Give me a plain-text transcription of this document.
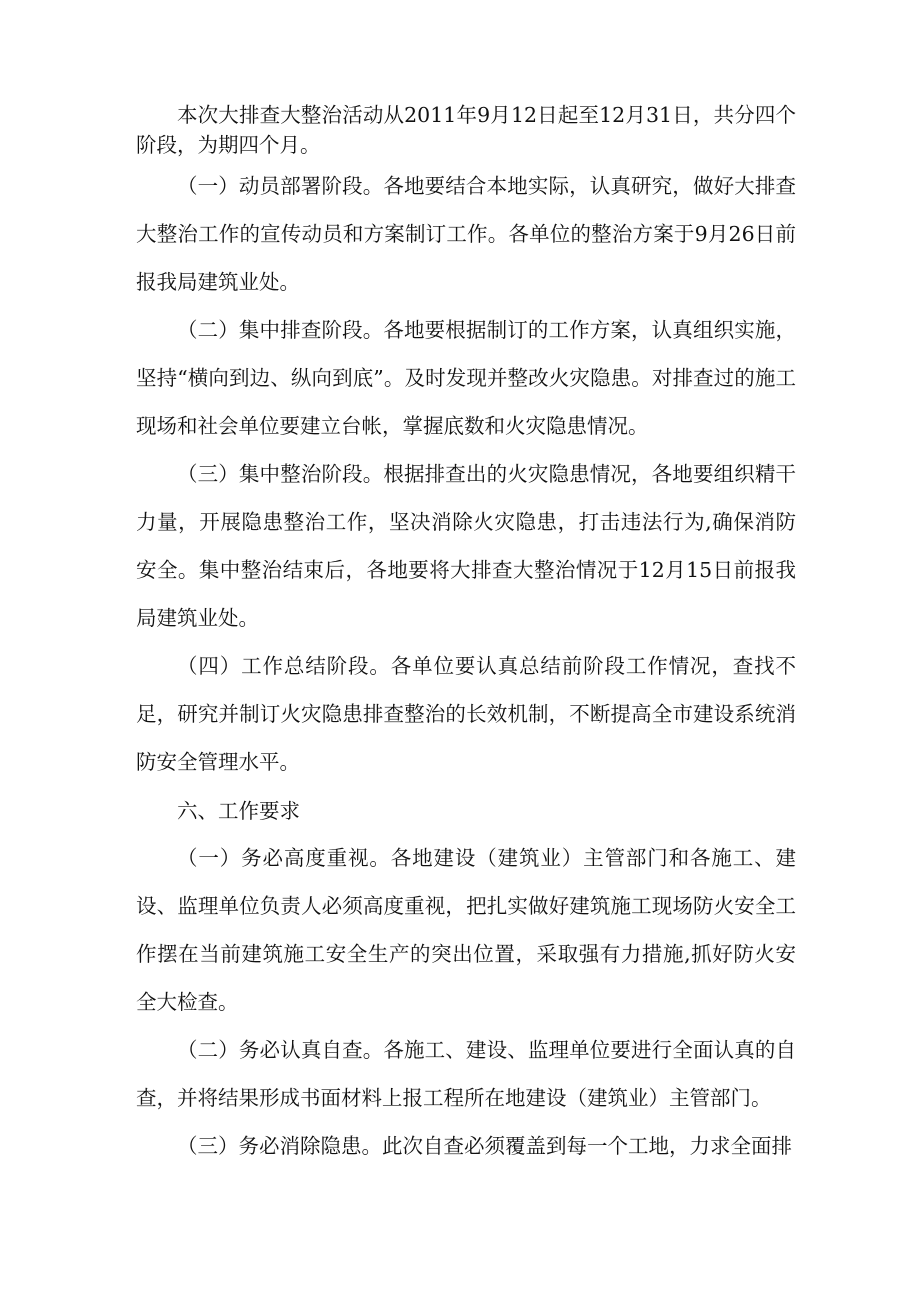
本次大排查大整治活动从2011年9月12日起至12月31日，共分四个阶段，为期四个月。

（一）动员部署阶段。各地要结合本地实际，认真研究，做好大排查大整治工作的宣传动员和方案制订工作。各单位的整治方案于9月26日前报我局建筑业处。

（二）集中排查阶段。各地要根据制订的工作方案，认真组织实施，坚持“横向到边、纵向到底”。及时发现并整改火灾隐患。对排查过的施工现场和社会单位要建立台帐，掌握底数和火灾隐患情况。

（三）集中整治阶段。根据排查出的火灾隐患情况，各地要组织精干力量，开展隐患整治工作，坚决消除火灾隐患，打击违法行为,确保消防安全。集中整治结束后，各地要将大排查大整治情况于12月15日前报我局建筑业处。

（四）工作总结阶段。各单位要认真总结前阶段工作情况，查找不足，研究并制订火灾隐患排查整治的长效机制，不断提高全市建设系统消防安全管理水平。

六、工作要求

（一）务必高度重视。各地建设（建筑业）主管部门和各施工、建设、监理单位负责人必须高度重视，把扎实做好建筑施工现场防火安全工作摆在当前建筑施工安全生产的突出位置，采取强有力措施,抓好防火安全大检查。

（二）务必认真自查。各施工、建设、监理单位要进行全面认真的自查，并将结果形成书面材料上报工程所在地建设（建筑业）主管部门。

（三）务必消除隐患。此次自查必须覆盖到每一个工地，力求全面排
